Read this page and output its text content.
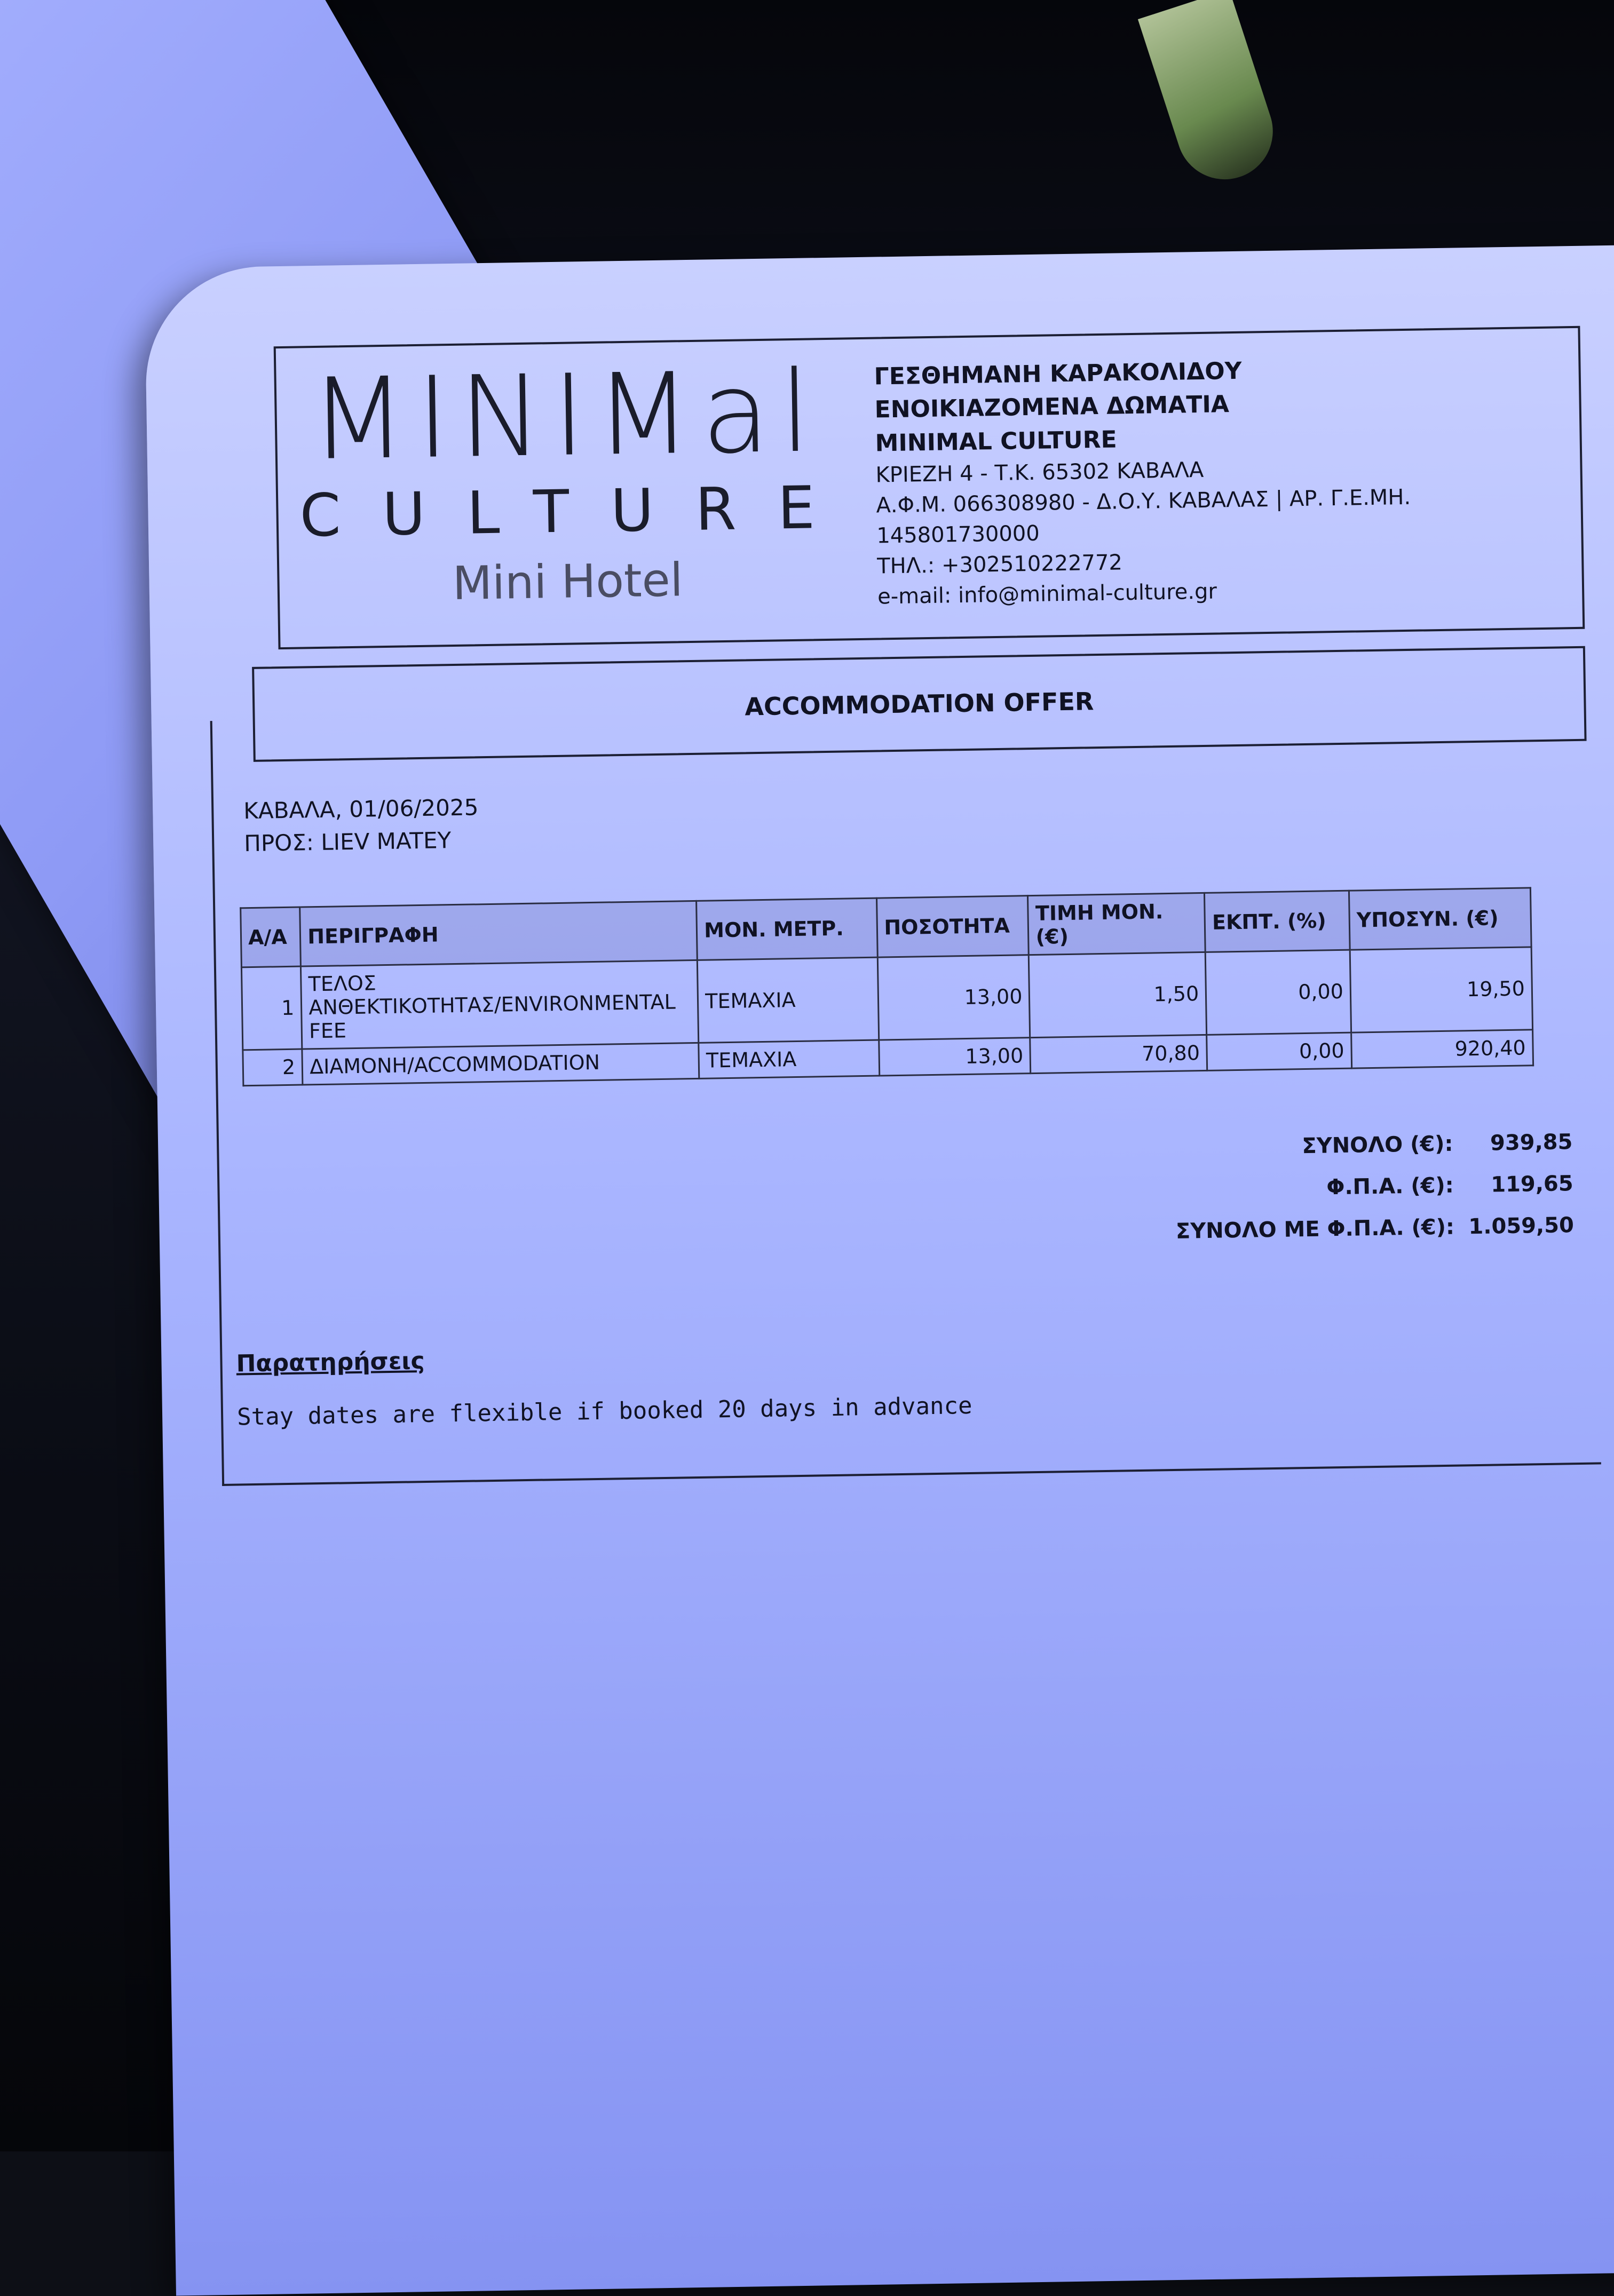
MINIMal
CULTURE
Mini Hotel
ΓΕΣΘΗΜΑΝΗ ΚΑΡΑΚΟΛΙΔΟΥ
ΕΝΟΙΚΙΑΖΟΜΕΝΑ ΔΩΜΑΤΙΑ
MINIMAL CULTURE
ΚΡΙΕΖΗ 4 - Τ.Κ. 65302 ΚΑΒΑΛΑ
Α.Φ.Μ. 066308980 - Δ.Ο.Υ. ΚΑΒΑΛΑΣ | ΑΡ. Γ.Ε.ΜΗ.
145801730000
ΤΗΛ.: +302510222772
e-mail: info@minimal-culture.gr
ACCOMMODATION OFFER
ΚΑΒΑΛΑ, 01/06/2025
ΠΡΟΣ: LIEV MATEY
Α/Α	ΠΕΡΙΓΡΑΦΗ	ΜΟΝ. ΜΕΤΡ.	ΠΟΣΟΤΗΤΑ	ΤΙΜΗ ΜΟΝ. (€)	ΕΚΠΤ. (%)	ΥΠΟΣΥΝ. (€)
1	ΤΕΛΟΣ ΑΝΘΕΚΤΙΚΟΤΗΤΑΣ/ENVIRONMENTAL FEE	ΤΕΜΑΧΙΑ	13,00	1,50	0,00	19,50
2	ΔΙΑΜΟΝΗ/ACCOMMODATION	ΤΕΜΑΧΙΑ	13,00	70,80	0,00	920,40
ΣΥΝΟΛΟ (€): 939,85
Φ.Π.Α. (€): 119,65
ΣΥΝΟΛΟ ΜΕ Φ.Π.Α. (€): 1.059,50
Παρατηρήσεις
Stay dates are flexible if booked 20 days in advance
